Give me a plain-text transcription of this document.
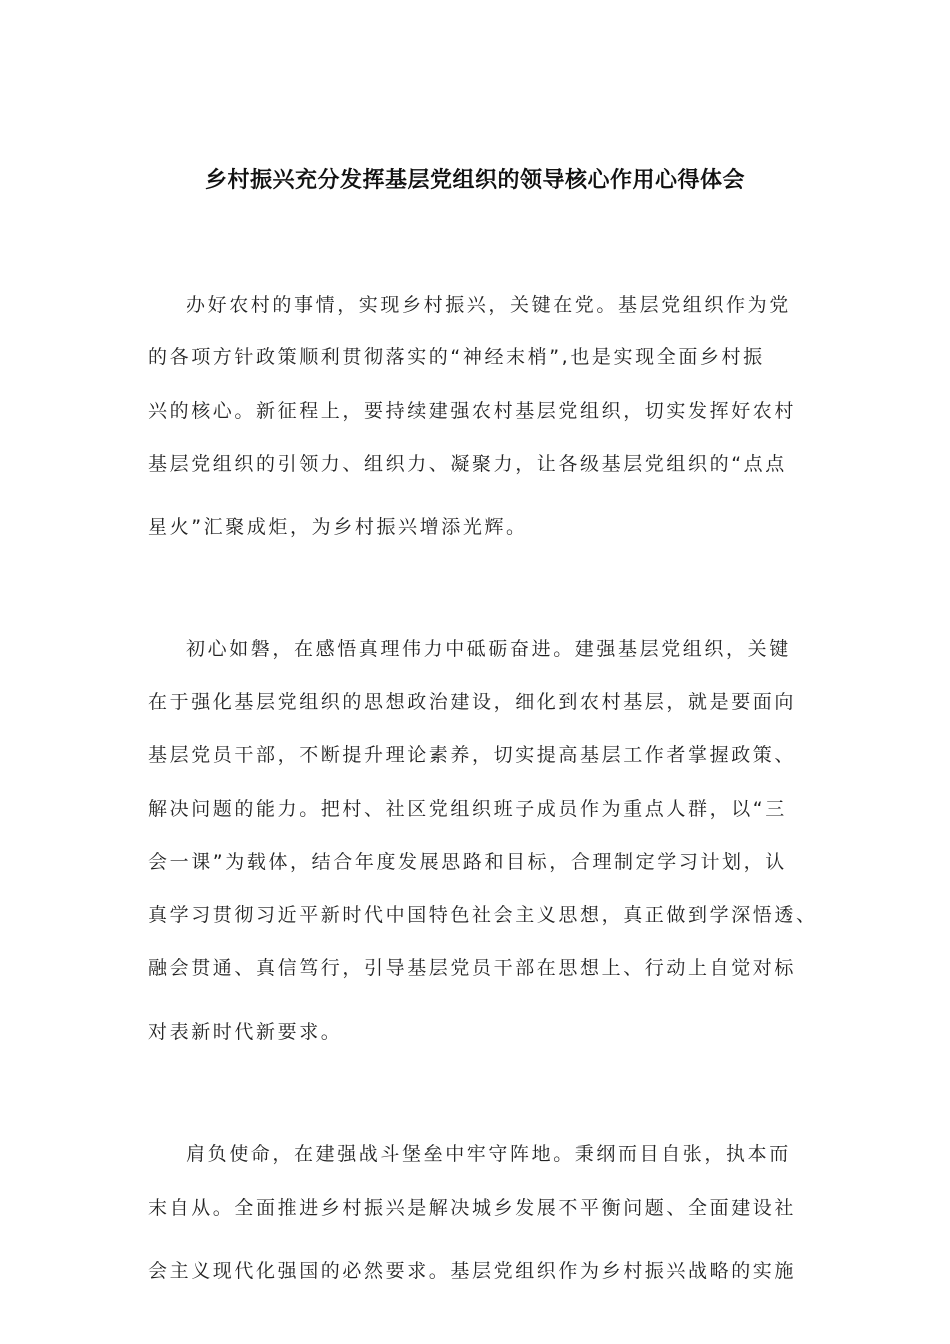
乡村振兴充分发挥基层党组织的领导核心作用心得体会
办好农村的事情，实现乡村振兴，关键在党。基层党组织作为党
的各项方针政策顺利贯彻落实的“神经末梢”,也是实现全面乡村振
兴的核心。新征程上，要持续建强农村基层党组织，切实发挥好农村
基层党组织的引领力、组织力、凝聚力，让各级基层党组织的“点点
星火”汇聚成炬，为乡村振兴增添光辉。
初心如磐，在感悟真理伟力中砥砺奋进。建强基层党组织，关键
在于强化基层党组织的思想政治建设，细化到农村基层，就是要面向
基层党员干部，不断提升理论素养，切实提高基层工作者掌握政策、
解决问题的能力。把村、社区党组织班子成员作为重点人群，以“三
会一课”为载体，结合年度发展思路和目标，合理制定学习计划，认
真学习贯彻习近平新时代中国特色社会主义思想，真正做到学深悟透、
融会贯通、真信笃行，引导基层党员干部在思想上、行动上自觉对标
对表新时代新要求。
肩负使命，在建强战斗堡垒中牢守阵地。秉纲而目自张，执本而
末自从。全面推进乡村振兴是解决城乡发展不平衡问题、全面建设社
会主义现代化强国的必然要求。基层党组织作为乡村振兴战略的实施
